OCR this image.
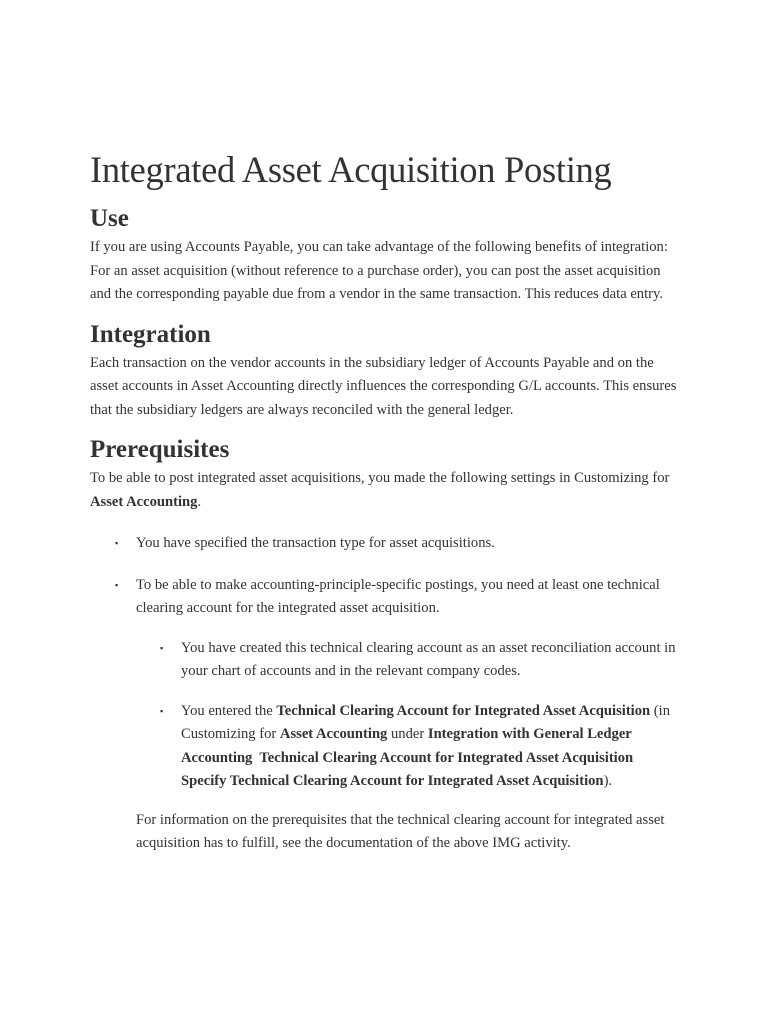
Integrated Asset Acquisition Posting
Use

If you are using Accounts Payable, you can take advantage of the following benefits of integration: For an asset acquisition (without reference to a purchase order), you can post the asset acquisition and the corresponding payable due from a vendor in the same transaction. This reduces data entry.

Integration

Each transaction on the vendor accounts in the subsidiary ledger of Accounts Payable and on the asset accounts in Asset Accounting directly influences the corresponding G/L accounts. This ensures that the subsidiary ledgers are always reconciled with the general ledger.

Prerequisites

To be able to post integrated asset acquisitions, you made the following settings in Customizing for Asset Accounting.

▪ You have specified the transaction type for asset acquisitions.
▪ To be able to make accounting-principle-specific postings, you need at least one technical clearing account for the integrated asset acquisition.
▪ You have created this technical clearing account as an asset reconciliation account in your chart of accounts and in the relevant company codes.
▪ You entered the Technical Clearing Account for Integrated Asset Acquisition (in Customizing for Asset Accounting under Integration with General Ledger Accounting  Technical Clearing Account for Integrated Asset Acquisition  Specify Technical Clearing Account for Integrated Asset Acquisition).

For information on the prerequisites that the technical clearing account for integrated asset acquisition has to fulfill, see the documentation of the above IMG activity.
